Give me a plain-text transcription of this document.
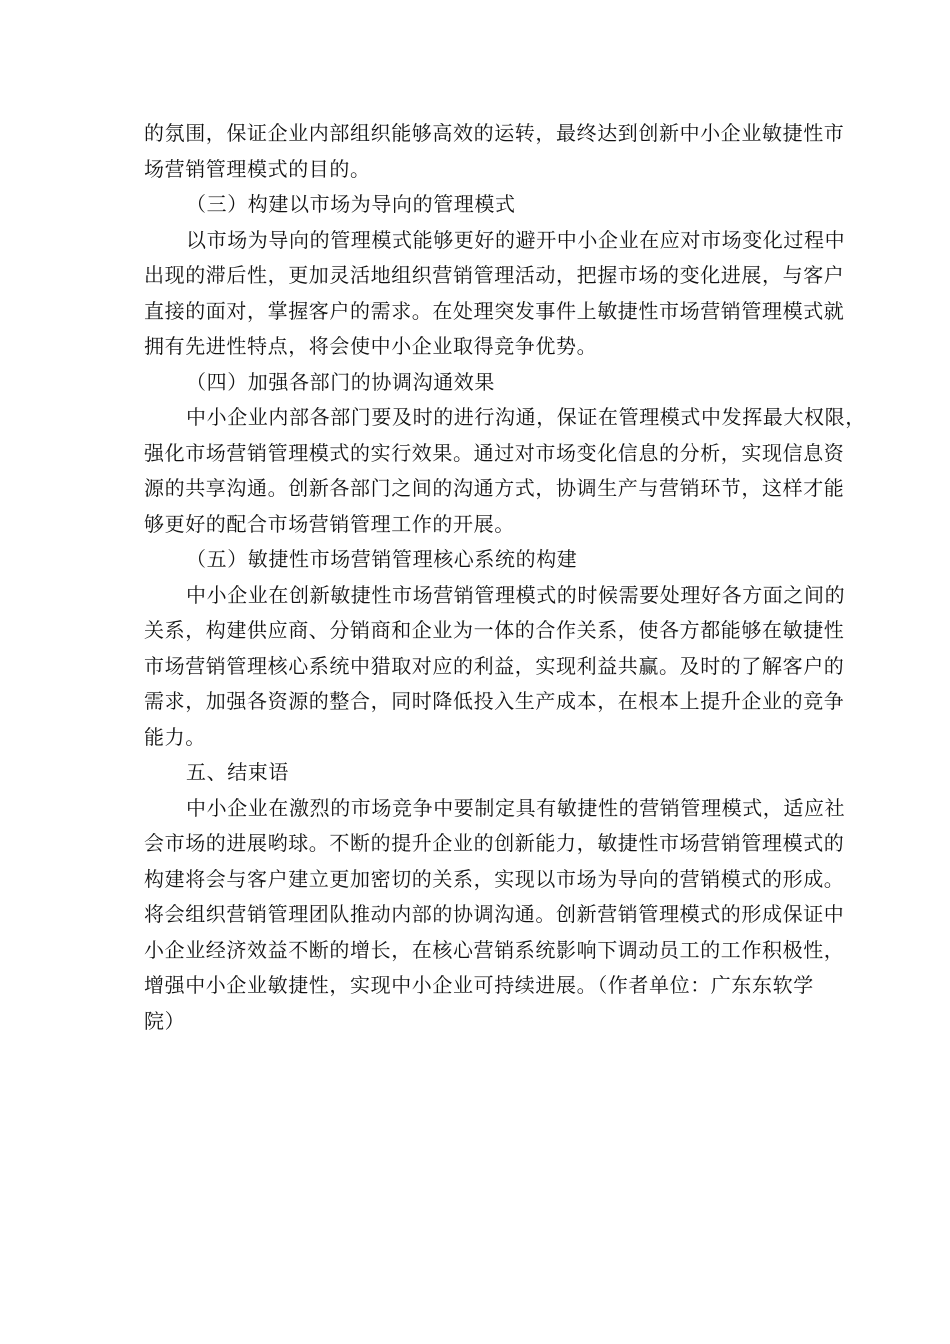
的氛围，保证企业内部组织能够高效的运转，最终达到创新中小企业敏捷性市
场营销管理模式的目的。
（三）构建以市场为导向的管理模式
以市场为导向的管理模式能够更好的避开中小企业在应对市场变化过程中
出现的滞后性，更加灵活地组织营销管理活动，把握市场的变化进展，与客户
直接的面对，掌握客户的需求。在处理突发事件上敏捷性市场营销管理模式就
拥有先进性特点，将会使中小企业取得竞争优势。
（四）加强各部门的协调沟通效果
中小企业内部各部门要及时的进行沟通，保证在管理模式中发挥最大权限，
强化市场营销管理模式的实行效果。通过对市场变化信息的分析，实现信息资
源的共享沟通。创新各部门之间的沟通方式，协调生产与营销环节，这样才能
够更好的配合市场营销管理工作的开展。
（五）敏捷性市场营销管理核心系统的构建
中小企业在创新敏捷性市场营销管理模式的时候需要处理好各方面之间的
关系，构建供应商、分销商和企业为一体的合作关系，使各方都能够在敏捷性
市场营销管理核心系统中猎取对应的利益，实现利益共赢。及时的了解客户的
需求，加强各资源的整合，同时降低投入生产成本，在根本上提升企业的竞争
能力。
五、结束语
中小企业在激烈的市场竞争中要制定具有敏捷性的营销管理模式，适应社
会市场的进展哟球。不断的提升企业的创新能力，敏捷性市场营销管理模式的
构建将会与客户建立更加密切的关系，实现以市场为导向的营销模式的形成。
将会组织营销管理团队推动内部的协调沟通。创新营销管理模式的形成保证中
小企业经济效益不断的增长，在核心营销系统影响下调动员工的工作积极性，
增强中小企业敏捷性，实现中小企业可持续进展。（作者单位：广东东软学
院）
